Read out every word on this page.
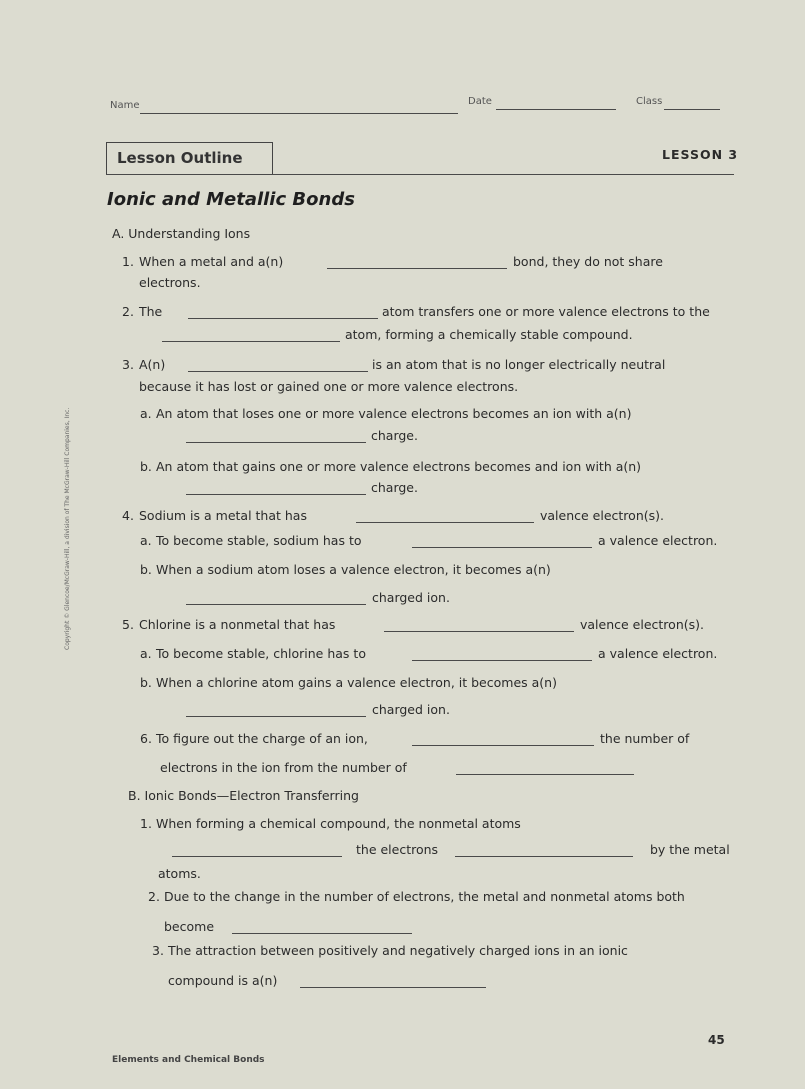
Name	Date	Class
Lesson Outline	LESSON 3
Ionic and Metallic Bonds
A. Understanding Ions
1. When a metal and a(n)	bond, they do not share
electrons.
2. The	atom transfers one or more valence electrons to the
atom, forming a chemically stable compound.
3. A(n)	is an atom that is no longer electrically neutral
because it has lost or gained one or more valence electrons.
a. An atom that loses one or more valence electrons becomes an ion with a(n)
charge.
b. An atom that gains one or more valence electrons becomes and ion with a(n)
charge.
4. Sodium is a metal that has	valence electron(s).
a. To become stable, sodium has to	a valence electron.
b. When a sodium atom loses a valence electron, it becomes a(n)
charged ion.
5. Chlorine is a nonmetal that has	valence electron(s).
a. To become stable, chlorine has to	a valence electron.
b. When a chlorine atom gains a valence electron, it becomes a(n)
charged ion.
6. To figure out the charge of an ion,	the number of
electrons in the ion from the number of
B. Ionic Bonds—Electron Transferring
1. When forming a chemical compound, the nonmetal atoms
the electrons	by the metal
atoms.
2. Due to the change in the number of electrons, the metal and nonmetal atoms both
become
3. The attraction between positively and negatively charged ions in an ionic
compound is a(n)
Elements and Chemical Bonds
45
Copyright © Glencoe/McGraw-Hill, a division of The McGraw-Hill Companies, Inc.
